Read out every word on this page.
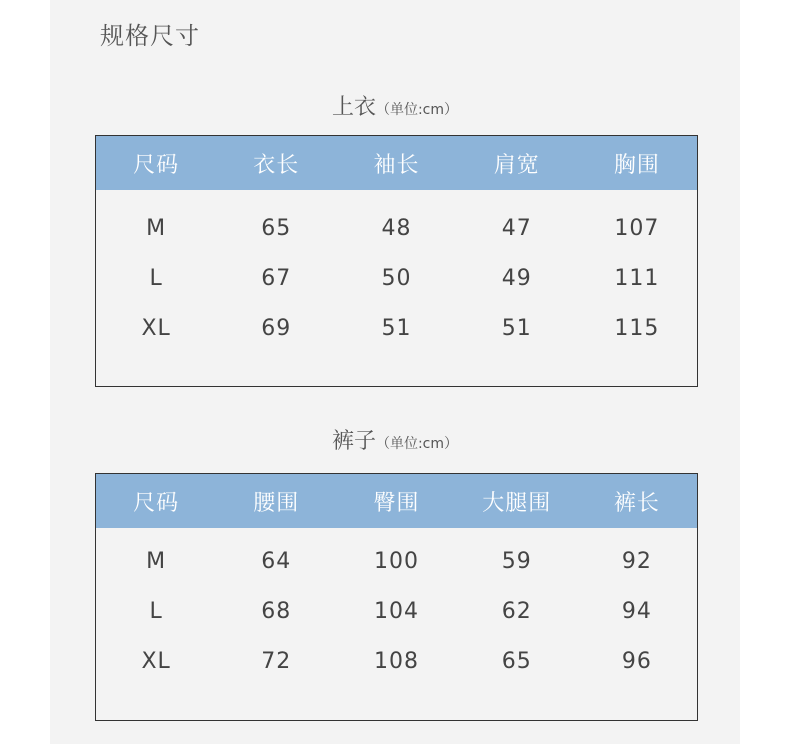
规格尺寸
上衣（单位:cm）
尺码	衣长	袖长	肩宽	胸围
M	65	48	47	107
L	67	50	49	111
XL	69	51	51	115
裤子（单位:cm）
尺码	腰围	臀围	大腿围	裤长
M	64	100	59	92
L	68	104	62	94
XL	72	108	65	96
